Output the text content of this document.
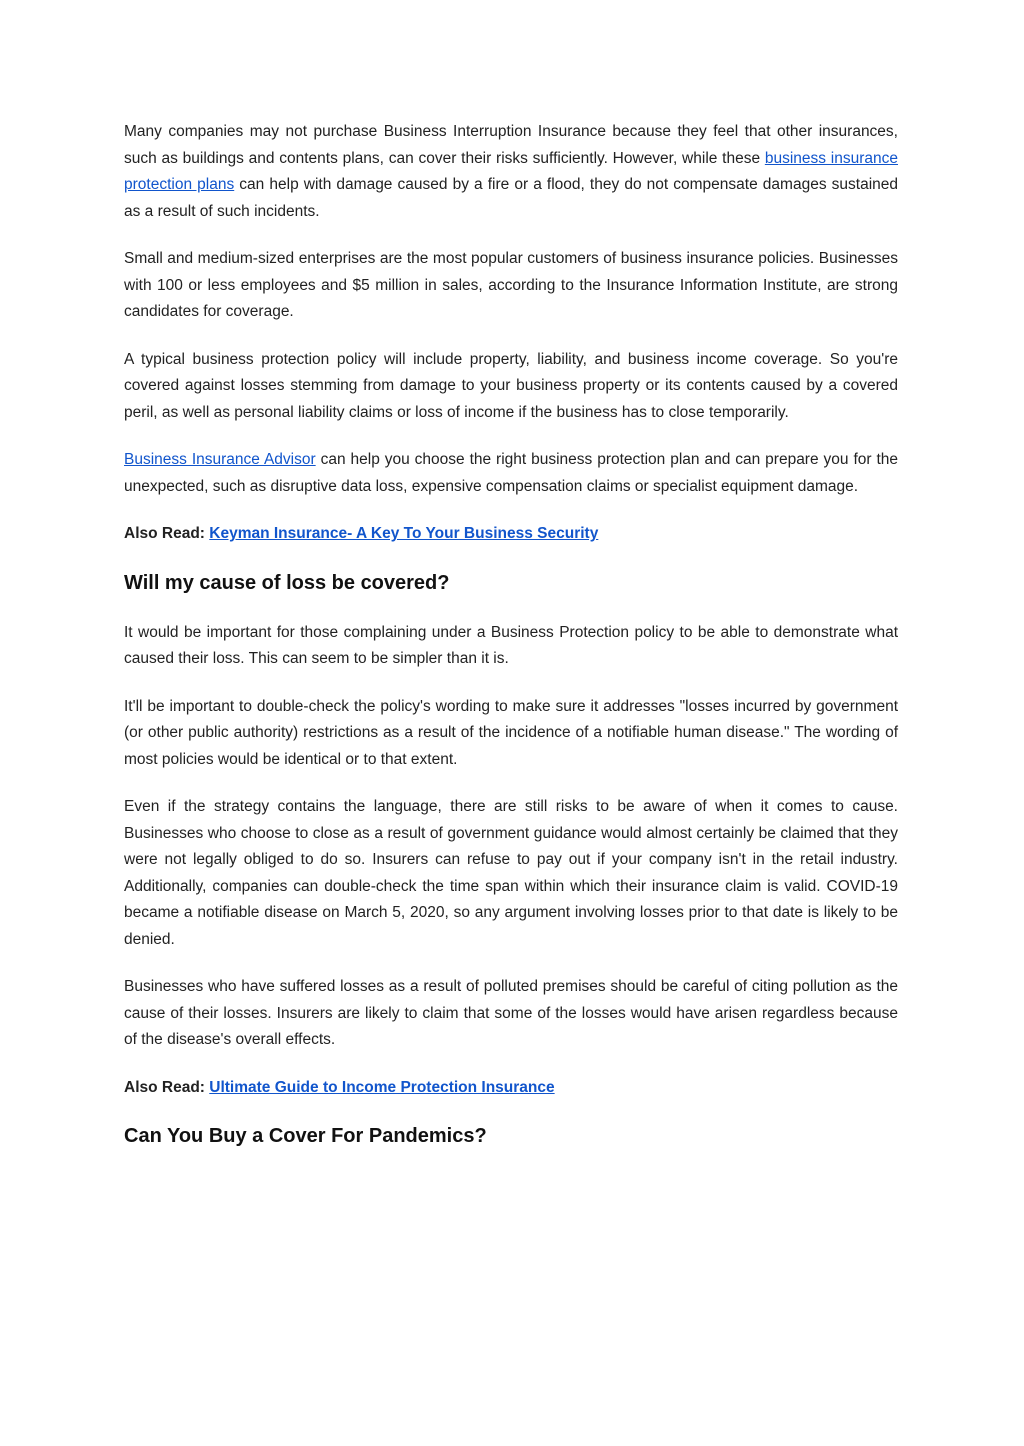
Many companies may not purchase Business Interruption Insurance because they feel that other insurances, such as buildings and contents plans, can cover their risks sufficiently. However, while these business insurance protection plans can help with damage caused by a fire or a flood, they do not compensate damages sustained as a result of such incidents.

Small and medium-sized enterprises are the most popular customers of business insurance policies. Businesses with 100 or less employees and $5 million in sales, according to the Insurance Information Institute, are strong candidates for coverage.

A typical business protection policy will include property, liability, and business income coverage. So you're covered against losses stemming from damage to your business property or its contents caused by a covered peril, as well as personal liability claims or loss of income if the business has to close temporarily.

Business Insurance Advisor can help you choose the right business protection plan and can prepare you for the unexpected, such as disruptive data loss, expensive compensation claims or specialist equipment damage.

Also Read: Keyman Insurance- A Key To Your Business Security

Will my cause of loss be covered?

It would be important for those complaining under a Business Protection policy to be able to demonstrate what caused their loss. This can seem to be simpler than it is.

It'll be important to double-check the policy's wording to make sure it addresses "losses incurred by government (or other public authority) restrictions as a result of the incidence of a notifiable human disease." The wording of most policies would be identical or to that extent.

Even if the strategy contains the language, there are still risks to be aware of when it comes to cause. Businesses who choose to close as a result of government guidance would almost certainly be claimed that they were not legally obliged to do so. Insurers can refuse to pay out if your company isn't in the retail industry. Additionally, companies can double-check the time span within which their insurance claim is valid. COVID-19 became a notifiable disease on March 5, 2020, so any argument involving losses prior to that date is likely to be denied.

Businesses who have suffered losses as a result of polluted premises should be careful of citing pollution as the cause of their losses. Insurers are likely to claim that some of the losses would have arisen regardless because of the disease's overall effects.

Also Read: Ultimate Guide to Income Protection Insurance

Can You Buy a Cover For Pandemics?
